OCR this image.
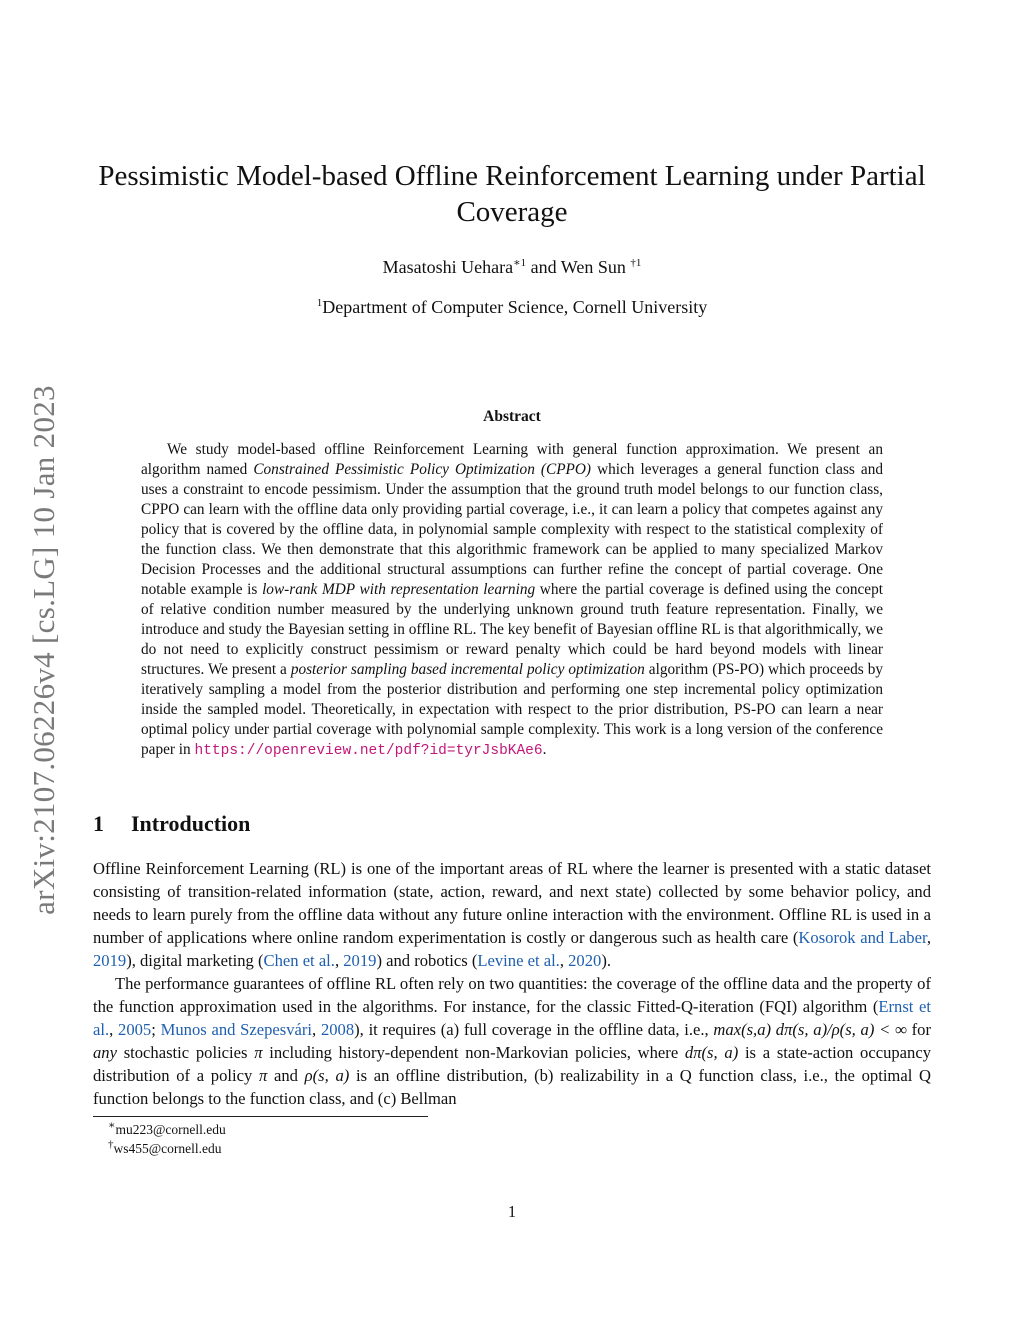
arXiv:2107.06226v4 [cs.LG] 10 Jan 2023
Pessimistic Model-based Offline Reinforcement Learning under Partial Coverage
Masatoshi Uehara$^{∗1}$ and Wen Sun $^{\dagger 1}$
$^1$Department of Computer Science, Cornell University
Abstract

We study model-based offline Reinforcement Learning with general function approximation. We present an algorithm named Constrained Pessimistic Policy Optimization (CPPO) which leverages a general function class and uses a constraint to encode pessimism. Under the assumption that the ground truth model belongs to our function class, CPPO can learn with the offline data only providing partial coverage, i.e., it can learn a policy that competes against any policy that is covered by the offline data, in polynomial sample complexity with respect to the statistical complexity of the function class. We then demonstrate that this algorithmic framework can be applied to many specialized Markov Decision Processes and the additional structural assumptions can further refine the concept of partial coverage. One notable example is low-rank MDP with representation learning where the partial coverage is defined using the concept of relative condition number measured by the underlying unknown ground truth feature representation. Finally, we introduce and study the Bayesian setting in offline RL. The key benefit of Bayesian offline RL is that algorithmically, we do not need to explicitly construct pessimism or reward penalty which could be hard beyond models with linear structures. We present a posterior sampling based incremental policy optimization algorithm (PS-PO) which proceeds by iteratively sampling a model from the posterior distribution and performing one step incremental policy optimization inside the sampled model. Theoretically, in expectation with respect to the prior distribution, PS-PO can learn a near optimal policy under partial coverage with polynomial sample complexity. This work is a long version of the conference paper in https://openreview.net/pdf?id=tyrJsbKAe6.

1 Introduction

Offline Reinforcement Learning (RL) is one of the important areas of RL where the learner is presented with a static dataset consisting of transition-related information (state, action, reward, and next state) collected by some behavior policy, and needs to learn purely from the offline data without any future online interaction with the environment. Offline RL is used in a number of applications where online random experimentation is costly or dangerous such as health care (Kosorok and Laber, 2019), digital marketing (Chen et al., 2019) and robotics (Levine et al., 2020).

The performance guarantees of offline RL often rely on two quantities: the coverage of the offline data and the property of the function approximation used in the algorithms. For instance, for the classic Fitted-Q-iteration (FQI) algorithm (Ernst et al., 2005; Munos and Szepesvári, 2008), it requires (a) full coverage in the offline data, i.e., max(s,a) dπ(s, a)/ρ(s, a) < ∞ for any stochastic policies π including history-dependent non-Markovian policies, where dπ(s, a) is a state-action occupancy distribution of a policy π and ρ(s, a) is an offline distribution, (b) realizability in a Q function class, i.e., the optimal Q function belongs to the function class, and (c) Bellman

∗mu223@cornell.edu
†ws455@cornell.edu
1
